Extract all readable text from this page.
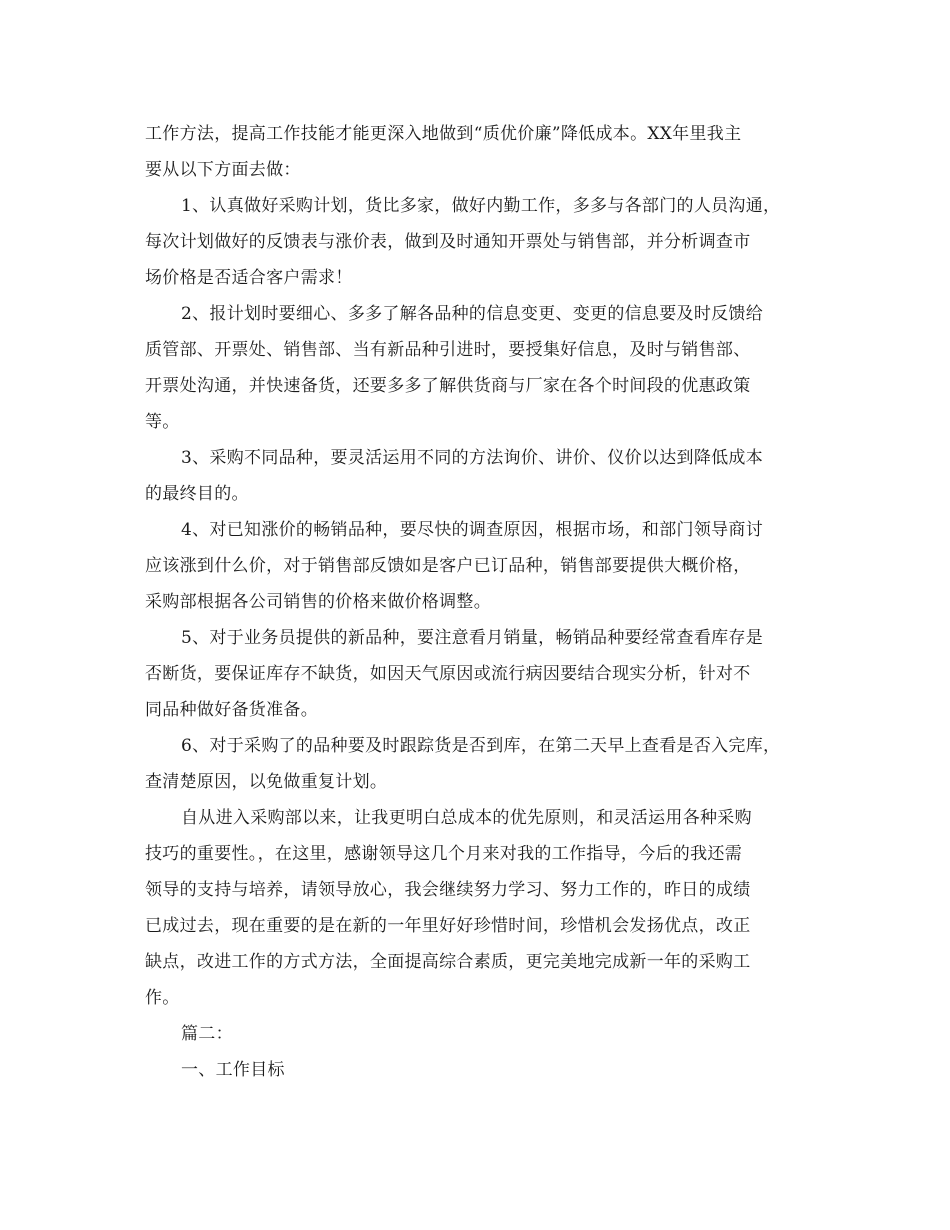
工作方法，提高工作技能才能更深入地做到“质优价廉”降低成本。XX年里我主
要从以下方面去做：
1、认真做好采购计划，货比多家，做好内勤工作，多多与各部门的人员沟通，
每次计划做好的反馈表与涨价表，做到及时通知开票处与销售部，并分析调查市
场价格是否适合客户需求！
2、报计划时要细心、多多了解各品种的信息变更、变更的信息要及时反馈给
质管部、开票处、销售部、当有新品种引进时，要授集好信息，及时与销售部、
开票处沟通，并快速备货，还要多多了解供货商与厂家在各个时间段的优惠政策
等。
3、采购不同品种，要灵活运用不同的方法询价、讲价、仪价以达到降低成本
的最终目的。
4、对已知涨价的畅销品种，要尽快的调查原因，根据市场，和部门领导商讨
应该涨到什么价，对于销售部反馈如是客户已订品种，销售部要提供大概价格，
采购部根据各公司销售的价格来做价格调整。
5、对于业务员提供的新品种，要注意看月销量，畅销品种要经常查看库存是
否断货，要保证库存不缺货，如因天气原因或流行病因要结合现实分析，针对不
同品种做好备货准备。
6、对于采购了的品种要及时跟踪货是否到库，在第二天早上查看是否入完库，
查清楚原因，以免做重复计划。
自从进入采购部以来，让我更明白总成本的优先原则，和灵活运用各种采购
技巧的重要性。，在这里，感谢领导这几个月来对我的工作指导，今后的我还需
领导的支持与培养，请领导放心，我会继续努力学习、努力工作的，昨日的成绩
已成过去，现在重要的是在新的一年里好好珍惜时间，珍惜机会发扬优点，改正
缺点，改进工作的方式方法，全面提高综合素质，更完美地完成新一年的采购工
作。
篇二：
一、工作目标
